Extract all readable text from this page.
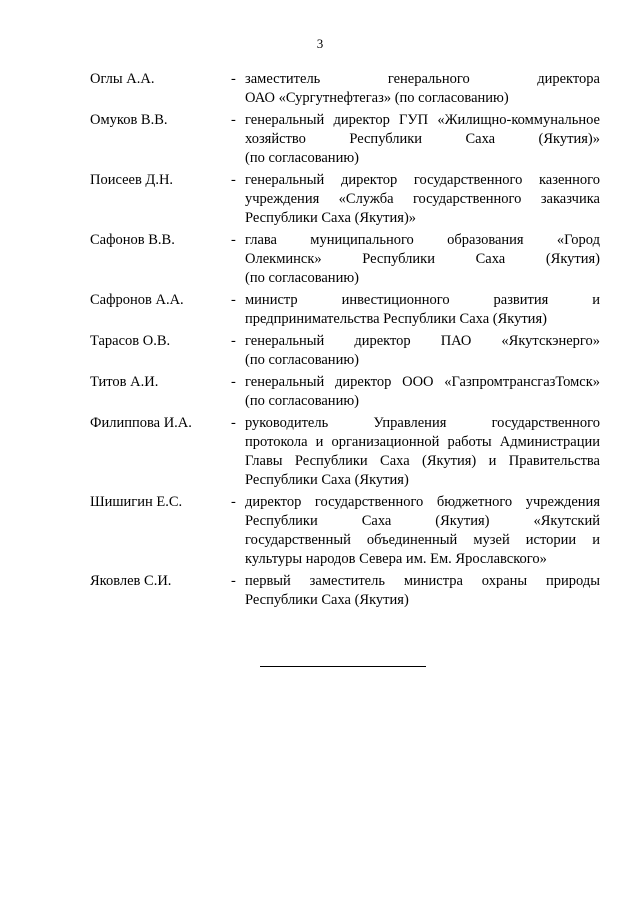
3
Оглы А.А.	- заместитель генерального директора
ОАО «Сургутнефтегаз» (по согласованию)
Омуков В.В.	- генеральный директор ГУП «Жилищно-коммунальное
хозяйство Республики Саха (Якутия)»
(по согласованию)
Поисеев Д.Н.	- генеральный директор государственного казенного
учреждения «Служба государственного заказчика
Республики Саха (Якутия)»
Сафонов В.В.	- глава муниципального образования «Город
Олекминск» Республики Саха (Якутия)
(по согласованию)
Сафронов А.А.	- министр инвестиционного развития и
предпринимательства Республики Саха (Якутия)
Тарасов О.В.	- генеральный директор ПАО «Якутскэнерго»
(по согласованию)
Титов А.И.	- генеральный директор ООО «ГазпромтрансгазТомск»
(по согласованию)
Филиппова И.А.	- руководитель Управления государственного
протокола и организационной работы Администрации
Главы Республики Саха (Якутия) и Правительства
Республики Саха (Якутия)
Шишигин Е.С.	- директор государственного бюджетного учреждения
Республики Саха (Якутия) «Якутский
государственный объединенный музей истории и
культуры народов Севера им. Ем. Ярославского»
Яковлев С.И.	- первый заместитель министра охраны природы
Республики Саха (Якутия)
